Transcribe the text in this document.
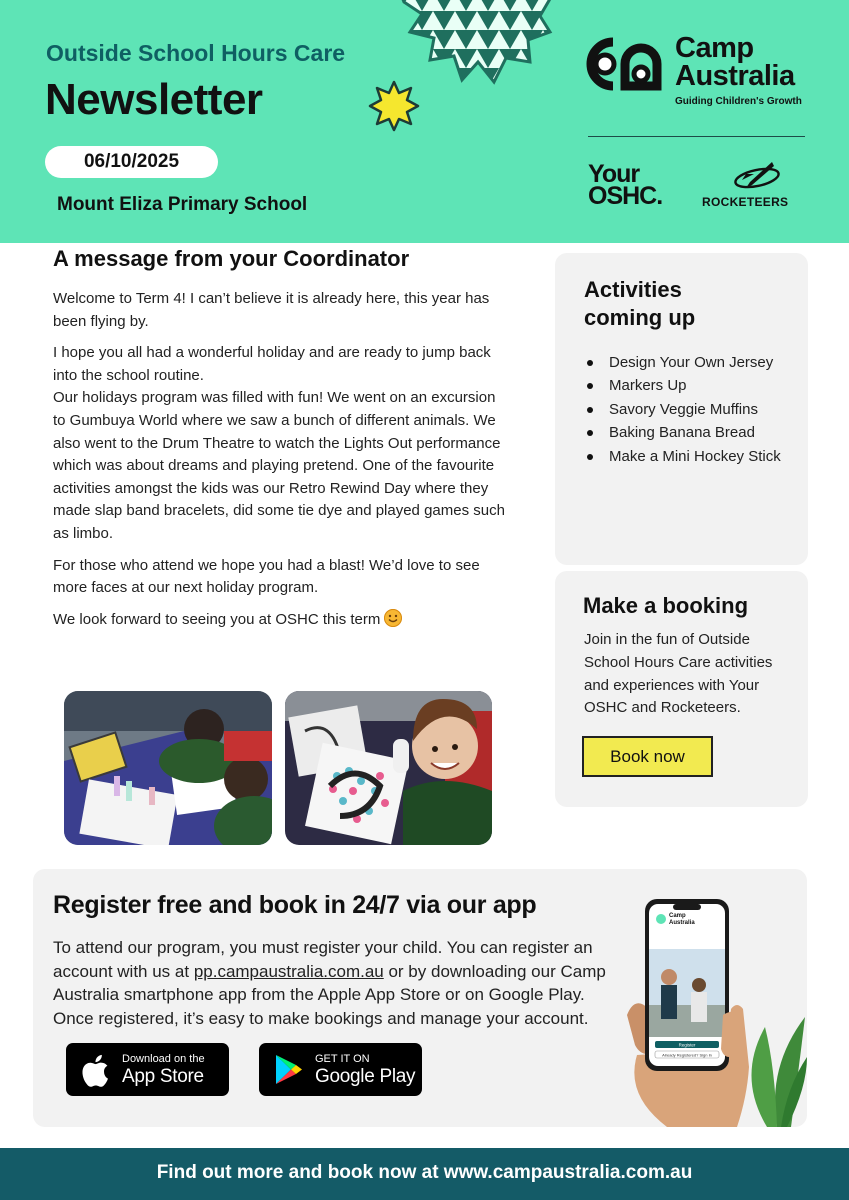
Outside School Hours Care
Newsletter
06/10/2025
Mount Eliza Primary School
Camp
Australia
Guiding Children's Growth
Your
OSHC.	ROCKETEERS
A message from your Coordinator

Welcome to Term 4! I can’t believe it is already here, this year has been flying by.

I hope you all had a wonderful holiday and are ready to jump back into the school routine.

Our holidays program was filled with fun! We went on an excursion to Gumbuya World where we saw a bunch of different animals. We also went to the Drum Theatre to watch the Lights Out performance which was about dreams and playing pretend. One of the favourite activities amongst the kids was our Retro Rewind Day where they made slap band bracelets, did some tie dye and played games such as limbo.

For those who attend we hope you had a blast! We’d love to see more faces at our next holiday program.

We look forward to seeing you at OSHC this term

Activities
coming up
Design Your Own Jersey
Markers Up
Savory Veggie Muffins
Baking Banana Bread
Make a Mini Hockey Stick
Make a booking
Join in the fun of Outside School Hours Care activities and experiences with Your OSHC and Rocketeers.
Book now
Register free and book in 24/7 via our app
To attend our program, you must register your child. You can register an account with us at pp.campaustralia.com.au or by downloading our Camp Australia smartphone app from the Apple App Store or on Google Play. Once registered, it’s easy to make bookings and manage your account.
Download on the
App Store
GET IT ON
Google Play
Camp
Australia
Register
Already Registered? Sign In
Find out more and book now at www.campaustralia.com.au
